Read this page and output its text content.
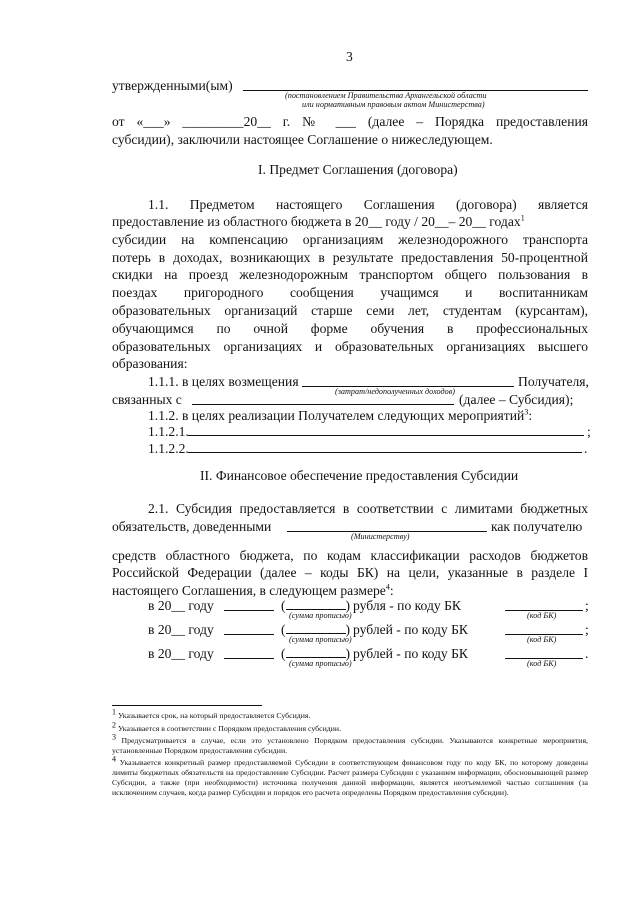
3
утвержденными(ым)
(постановлением Правительства Архангельской области
или нормативным правовым актом Министерства)
от «___» _________20__ г. № ___ (далее – Порядка предоставления
субсидии), заключили настоящее Соглашение о нижеследующем.
I. Предмет Соглашения (договора)
1.1. Предметом настоящего Соглашения (договора) является
предоставление из областного бюджета в 20__ году / 20__– 20__ годах$^1$
субсидии на компенсацию организациям железнодорожного транспорта
потерь в доходах, возникающих в результате предоставления 50-процентной
скидки на проезд железнодорожным транспортом общего пользования в
поездах пригородного сообщения учащимся и воспитанникам
образовательных организаций старше семи лет, студентам (курсантам),
обучающимся по очной форме обучения в профессиональных
образовательных организациях и образовательных организациях высшего
образования:
1.1.1. в целях возмещения	Получателя,
(затрат/недополученных доходов)
связанных с	(далее – Субсидия);
1.1.2. в целях реализации Получателем следующих мероприятий$^3$:
1.1.2.1.	;
1.1.2.2.	.
II. Финансовое обеспечение предоставления Субсидии
2.1. Субсидия предоставляется в соответствии с лимитами бюджетных
обязательств, доведенными	как получателю
(Министерству)
средств областного бюджета, по кодам классификации расходов бюджетов
Российской Федерации (далее – коды БК) на цели, указанные в разделе I
настоящего Соглашения, в следующем размере$^4$:
в 20__ году	(	) рубля - по коду БК	;
(сумма прописью)	(код БК)
в 20__ году	(	) рублей - по коду БК	;
(сумма прописью)	(код БК)
в 20__ году	(	) рублей - по коду БК	.
(сумма прописью)	(код БК)
$^1$ Указывается срок, на который предоставляется Субсидия.
$^2$ Указывается в соответствии с Порядком предоставления субсидии.
$^3$ Предусматривается в случае, если это установлено Порядком предоставления субсидии. Указываются конкретные мероприятия, установленные Порядком предоставления субсидии.
$^4$ Указывается конкретный размер предоставляемой Субсидии в соответствующем финансовом году по коду БК, по которому доведены лимиты бюджетных обязательств на предоставление Субсидии. Расчет размера Субсидии с указанием информации, обосновывающей размер Субсидии, а также (при необходимости) источника получения данной информации, является неотъемлемой частью соглашения (за исключением случаев, когда размер Субсидии и порядок его расчета определены Порядком предоставления субсидии).
